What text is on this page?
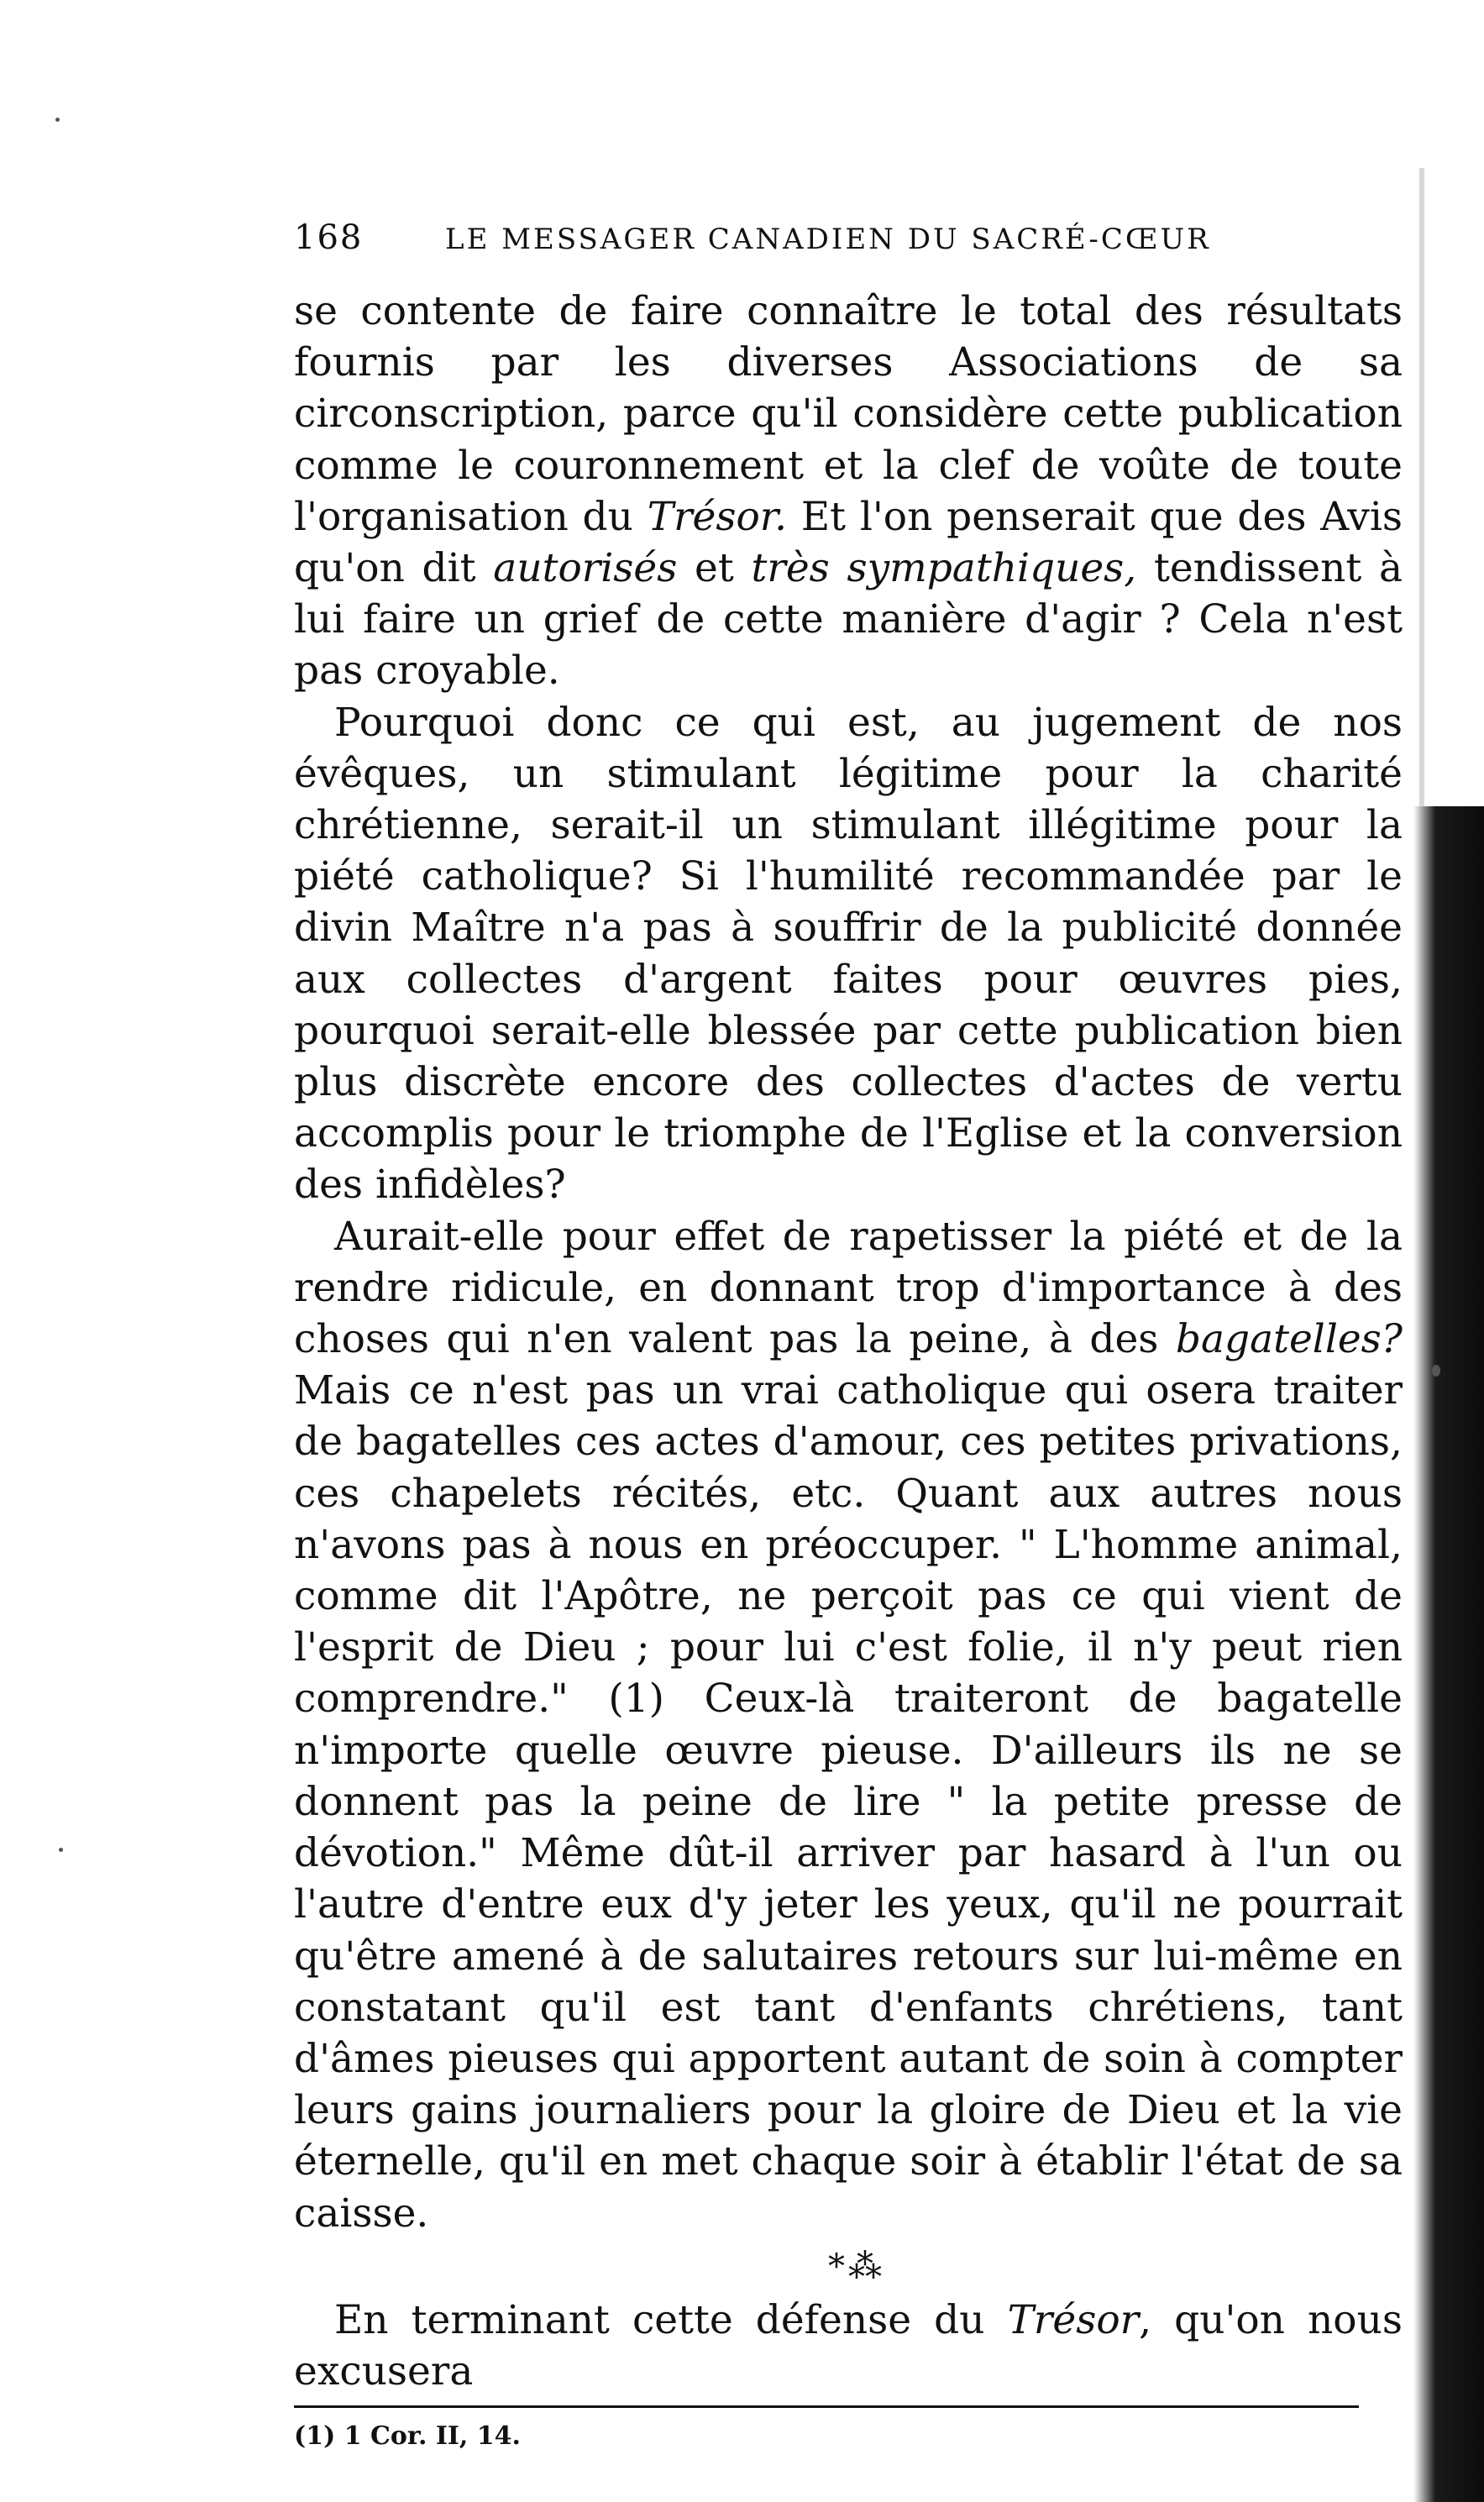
168	LE MESSAGER CANADIEN DU SACRÉ-CŒUR

se contente de faire connaître le total des résultats fournis par les diverses Associations de sa circonscription, parce qu'il considère cette publication comme le couronnement et la clef de voûte de toute l'organisation du Trésor. Et l'on penserait que des Avis qu'on dit autorisés et très sympathiques, tendissent à lui faire un grief de cette manière d'agir ? Cela n'est pas croyable.

Pourquoi donc ce qui est, au jugement de nos évêques, un stimulant légitime pour la charité chrétienne, serait-il un stimulant illégitime pour la piété catholique? Si l'humilité recommandée par le divin Maître n'a pas à souffrir de la publicité donnée aux collectes d'argent faites pour œuvres pies, pourquoi serait-elle blessée par cette publication bien plus discrète encore des collectes d'actes de vertu accomplis pour le triomphe de l'Eglise et la conversion des infidèles?

Aurait-elle pour effet de rapetisser la piété et de la rendre ridicule, en donnant trop d'importance à des choses qui n'en valent pas la peine, à des bagatelles? Mais ce n'est pas un vrai catholique qui osera traiter de bagatelles ces actes d'amour, ces petites privations, ces chapelets récités, etc. Quant aux autres nous n'avons pas à nous en préoccuper. " L'homme animal, comme dit l'Apôtre, ne perçoit pas ce qui vient de l'esprit de Dieu ; pour lui c'est folie, il n'y peut rien comprendre." (1) Ceux-là traiteront de bagatelle n'importe quelle œuvre pieuse. D'ailleurs ils ne se donnent pas la peine de lire " la petite presse de dévotion." Même dût-il arriver par hasard à l'un ou l'autre d'entre eux d'y jeter les yeux, qu'il ne pourrait qu'être amené à de salutaires retours sur lui-même en constatant qu'il est tant d'enfants chrétiens, tant d'âmes pieuses qui apportent autant de soin à compter leurs gains journaliers pour la gloire de Dieu et la vie éternelle, qu'il en met chaque soir à établir l'état de sa caisse.

*⁂

En terminant cette défense du Trésor, qu'on nous excusera

(1) 1 Cor. II, 14.
